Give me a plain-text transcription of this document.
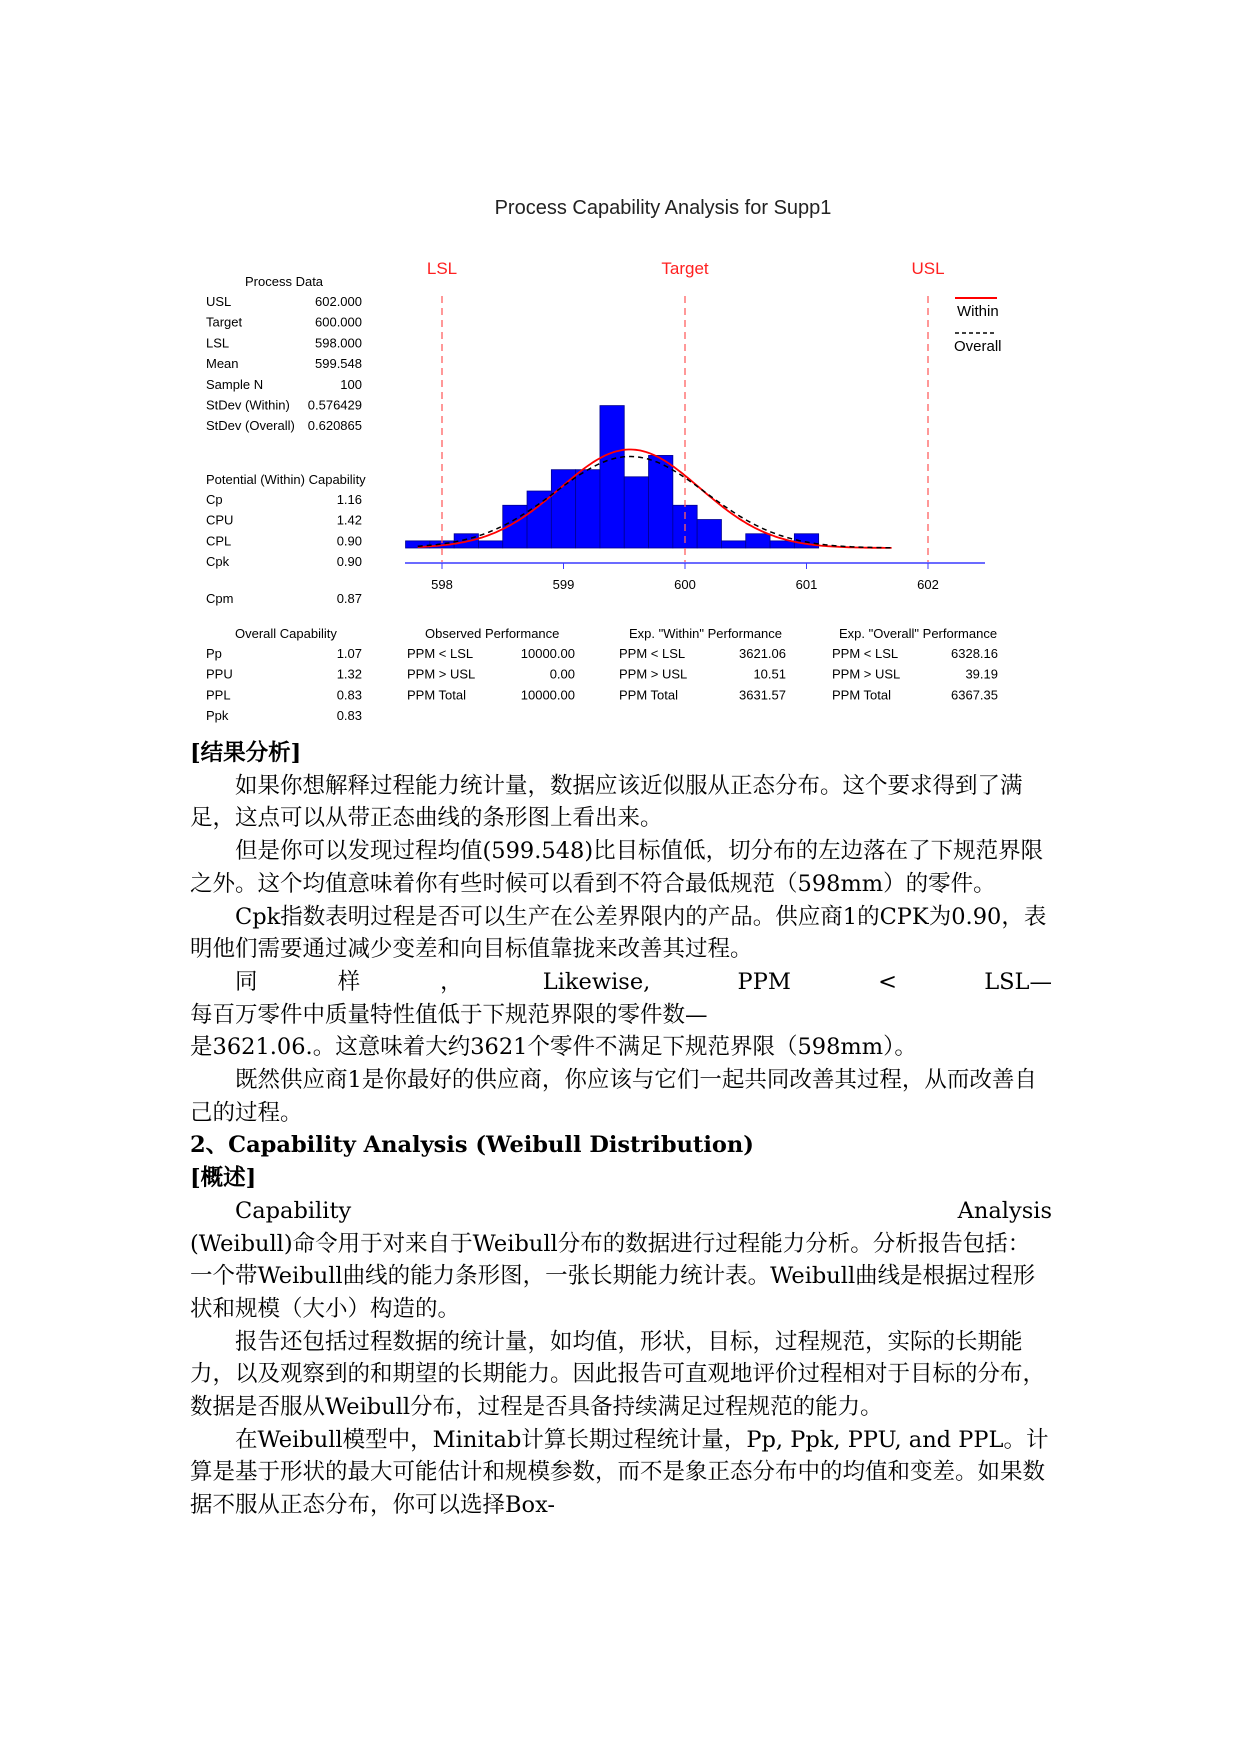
Process Capability Analysis for Supp1
LSL	Target	USL
Within
Overall
598	599	600	601	602
Process Data
USL	602.000
Target	600.000
LSL	598.000
Mean	599.548
Sample N	100
StDev (Within) 0.576429
StDev (Overall) 0.620865
Potential (Within) Capability
Cp	1.16
CPU	1.42
CPL	0.90
Cpk	0.90
Cpm	0.87
Overall Capability
Pp	1.07
PPU	1.32
PPL	0.83
Ppk	0.83
Observed Performance
PPM < LSL	10000.00
PPM > USL	0.00
PPM Total	10000.00
Exp. "Within" Performance
PPM < LSL	3621.06
PPM > USL	10.51
PPM Total	3631.57
Exp. "Overall" Performance
PPM < LSL	6328.16
PPM > USL	39.19
PPM Total	6367.35

[结果分析]

如果你想解释过程能力统计量，数据应该近似服从正态分布。这个要求得到了满足，这点可以从带正态曲线的条形图上看出来。

但是你可以发现过程均值(599.548)比目标值低，切分布的左边落在了下规范界限之外。这个均值意味着你有些时候可以看到不符合最低规范（598mm）的零件。

Cpk指数表明过程是否可以生产在公差界限内的产品。供应商1的CPK为0.90，表明他们需要通过减少变差和向目标值靠拢来改善其过程。

同样，Likewise, PPM < LSL—

每百万零件中质量特性值低于下规范界限的零件数—

是3621.06.。这意味着大约3621个零件不满足下规范界限（598mm）。

既然供应商1是你最好的供应商，你应该与它们一起共同改善其过程，从而改善自己的过程。

2、Capability Analysis (Weibull Distribution)

[概述]

Capability Analysis

(Weibull)命令用于对来自于Weibull分布的数据进行过程能力分析。分析报告包括：一个带Weibull曲线的能力条形图，一张长期能力统计表。Weibull曲线是根据过程形状和规模（大小）构造的。

报告还包括过程数据的统计量，如均值，形状，目标，过程规范，实际的长期能力，以及观察到的和期望的长期能力。因此报告可直观地评价过程相对于目标的分布，数据是否服从Weibull分布，过程是否具备持续满足过程规范的能力。

在Weibull模型中，Minitab计算长期过程统计量，Pp, Ppk, PPU, and PPL。计算是基于形状的最大可能估计和规模参数，而不是象正态分布中的均值和变差。如果数据不服从正态分布，你可以选择Box-
